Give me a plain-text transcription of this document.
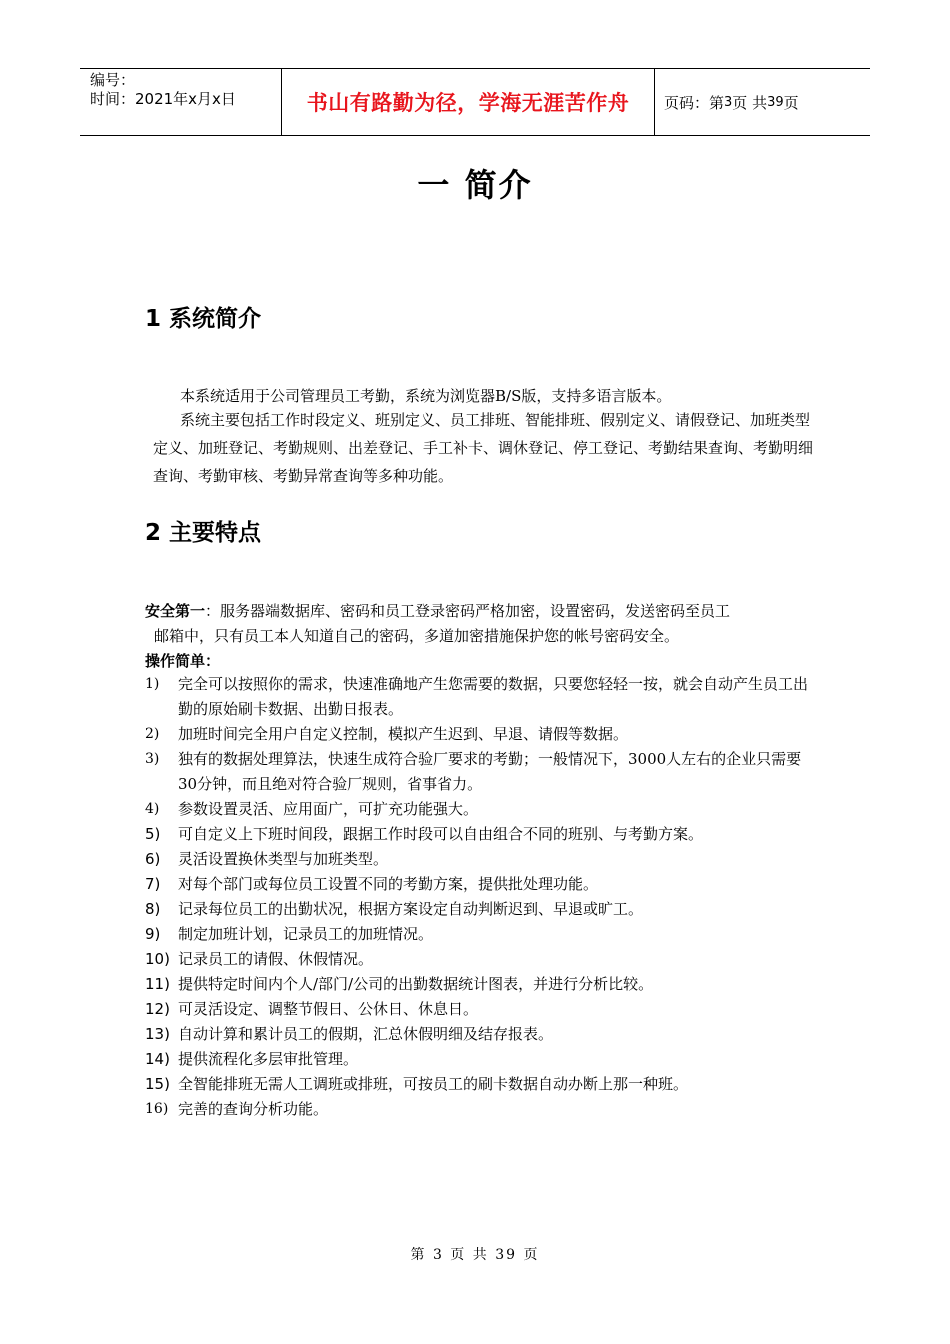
编号：
时间：2021年x月x日	书山有路勤为径，学海无涯苦作舟	页码：第 3 页 共 39 页
一 简介
1 系统简介
本系统适用于公司管理员工考勤，系统为浏览器B/S版，支持多语言版本。
系统主要包括工作时段定义、班别定义、员工排班、智能排班、假别定义、请假登记、加班类型定义、加班登记、考勤规则、出差登记、手工补卡、调休登记、停工登记、考勤结果查询、考勤明细查询、考勤审核、考勤异常查询等多种功能。
2 主要特点
安全第一：服务器端数据库、密码和员工登录密码严格加密，设置密码，发送密码至员工
邮箱中，只有员工本人知道自己的密码，多道加密措施保护您的帐号密码安全。
操作简单：
1)	完全可以按照你的需求，快速准确地产生您需要的数据，只要您轻轻一按，就会自动产生员工出勤的原始刷卡数据、出勤日报表。
2)	加班时间完全用户自定义控制，模拟产生迟到、早退、请假等数据。
3)	独有的数据处理算法，快速生成符合验厂要求的考勤；一般情况下，3000人左右的企业只需要30分钟，而且绝对符合验厂规则，省事省力。
4)	参数设置灵活、应用面广，可扩充功能强大。
5)	可自定义上下班时间段，跟据工作时段可以自由组合不同的班别、与考勤方案。
6)	灵活设置换休类型与加班类型。
7)	对每个部门或每位员工设置不同的考勤方案，提供批处理功能。
8)	记录每位员工的出勤状况，根据方案设定自动判断迟到、早退或旷工。
9)	制定加班计划，记录员工的加班情况。
10) 记录员工的请假、休假情况。
11) 提供特定时间内个人/部门/公司的出勤数据统计图表，并进行分析比较。
12) 可灵活设定、调整节假日、公休日、休息日。
13) 自动计算和累计员工的假期，汇总休假明细及结存报表。
14) 提供流程化多层审批管理。
15) 全智能排班无需人工调班或排班，可按员工的刷卡数据自动办断上那一种班。
16) 完善的查询分析功能。
第 3 页 共 39 页
